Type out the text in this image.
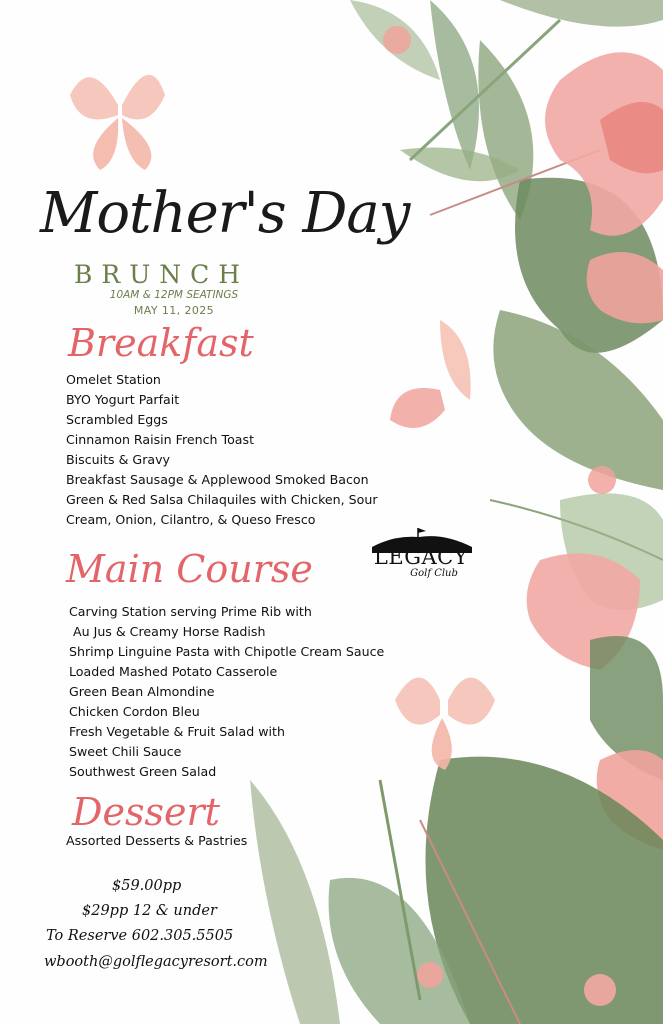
Mother's Day
BRUNCH
10AM & 12PM SEATINGS
MAY 11, 2025
Breakfast
Omelet Station
BYO Yogurt Parfait
Scrambled Eggs
Cinnamon Raisin French Toast
Biscuits & Gravy
Breakfast Sausage & Applewood Smoked Bacon
Green & Red Salsa Chilaquiles with Chicken, Sour
Cream, Onion, Cilantro, & Queso Fresco
THE
LEGACY
Golf Club
Main Course
Carving Station serving Prime Rib with
Au Jus & Creamy Horse Radish
Shrimp Linguine Pasta with Chipotle Cream Sauce
Loaded Mashed Potato Casserole
Green Bean Almondine
Chicken Cordon Bleu
Fresh Vegetable & Fruit Salad with
Sweet Chili Sauce
Southwest Green Salad
Dessert
Assorted Desserts & Pastries
$59.00pp
$29pp 12 & under
To Reserve 602.305.5505
wbooth@golflegacyresort.com
